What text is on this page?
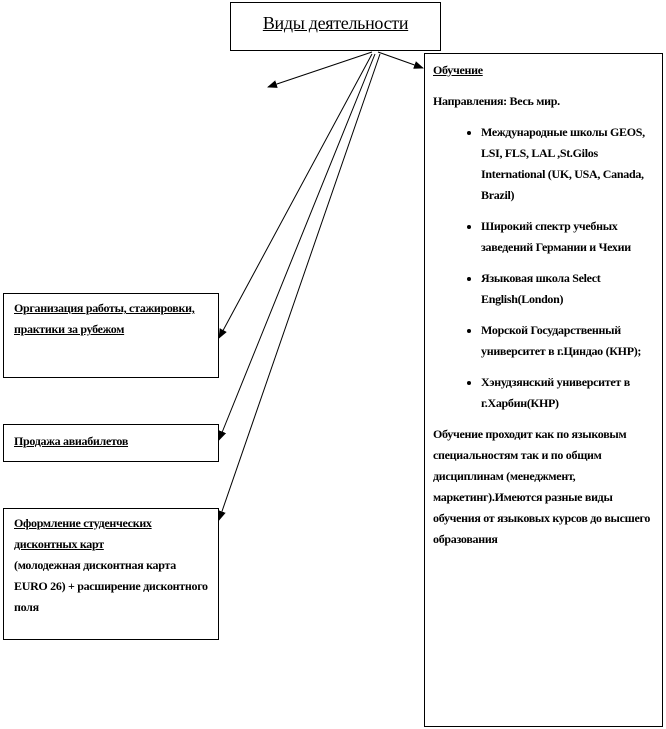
Виды деятельности

Обучение

Направления: Весь мир.

• Международные школы GEOS, LSI, FLS, LAL ,St.Gilos International (UK, USA, Canada, Brazil)
• Широкий спектр учебных заведений Германии и Чехии
• Языковая школа Select English(London)
• Морской Государственный университет в г.Циндао (КНР);
• Хэнудзянский университет в г.Харбин(КНР)

Обучение проходит как по языковым специальностям так и по общим дисциплинам (менеджмент, маркетинг).Имеются разные виды обучения от языковых курсов до высшего образования

Организация работы, стажировки, практики за рубежом
Продажа авиабилетов
Оформление студенческих дисконтных карт
(молодежная дисконтная карта EURO 26) + расширение дисконтного поля
